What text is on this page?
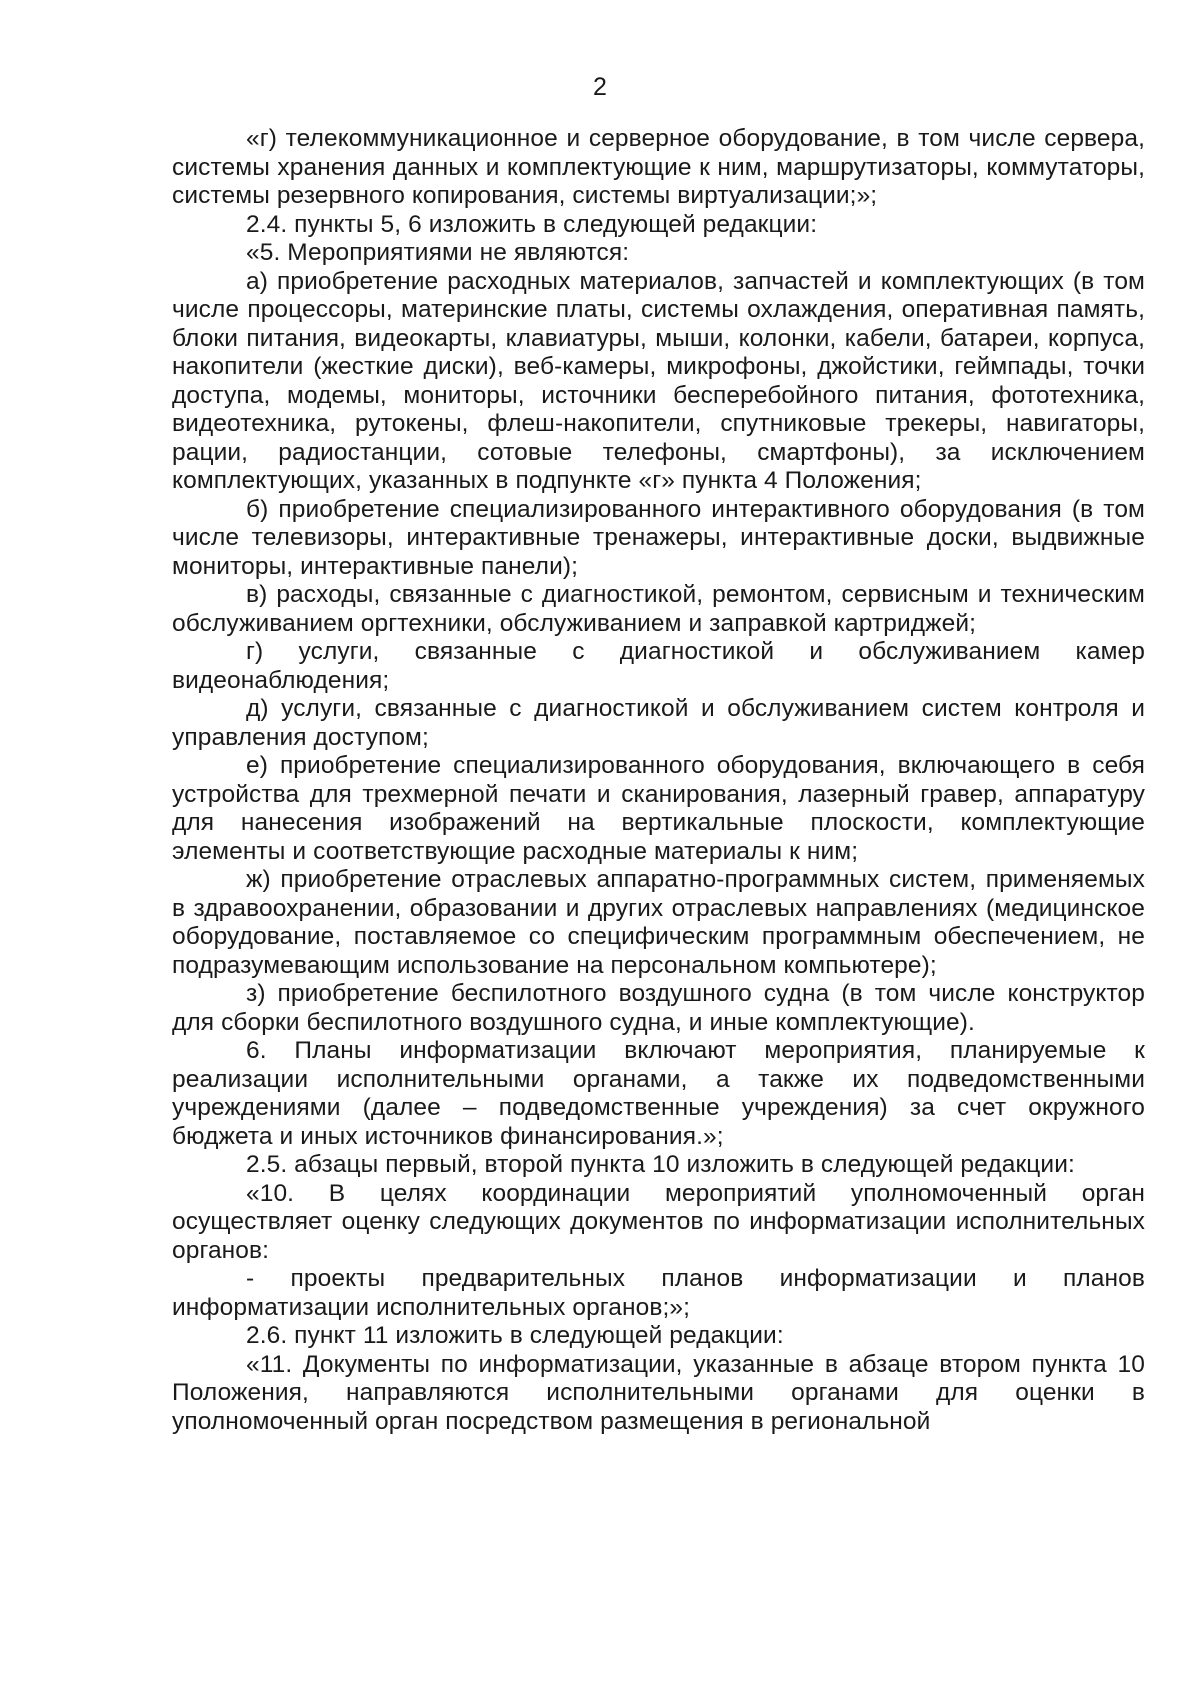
2

«г) телекоммуникационное и серверное оборудование, в том числе сервера, системы хранения данных и комплектующие к ним, маршрутизаторы, коммутаторы, системы резервного копирования, системы виртуализации;»;

2.4. пункты 5, 6 изложить в следующей редакции:

«5. Мероприятиями не являются:

а) приобретение расходных материалов, запчастей и комплектующих (в том числе процессоры, материнские платы, системы охлаждения, оперативная память, блоки питания, видеокарты, клавиатуры, мыши, колонки, кабели, батареи, корпуса, накопители (жесткие диски), веб-камеры, микрофоны, джойстики, геймпады, точки доступа, модемы, мониторы, источники бесперебойного питания, фототехника, видеотехника, рутокены, флеш-накопители, спутниковые трекеры, навигаторы, рации, радиостанции, сотовые телефоны, смартфоны), за исключением комплектующих, указанных в подпункте «г» пункта 4 Положения;

б) приобретение специализированного интерактивного оборудования (в том числе телевизоры, интерактивные тренажеры, интерактивные доски, выдвижные мониторы, интерактивные панели);

в) расходы, связанные с диагностикой, ремонтом, сервисным и техническим обслуживанием оргтехники, обслуживанием и заправкой картриджей;

г) услуги, связанные с диагностикой и обслуживанием камер видеонаблюдения;

д) услуги, связанные с диагностикой и обслуживанием систем контроля и управления доступом;

е) приобретение специализированного оборудования, включающего в себя устройства для трехмерной печати и сканирования, лазерный гравер, аппаратуру для нанесения изображений на вертикальные плоскости, комплектующие элементы и соответствующие расходные материалы к ним;

ж) приобретение отраслевых аппаратно-программных систем, применяемых в здравоохранении, образовании и других отраслевых направлениях (медицинское оборудование, поставляемое со специфическим программным обеспечением, не подразумевающим использование на персональном компьютере);

з) приобретение беспилотного воздушного судна (в том числе конструктор для сборки беспилотного воздушного судна, и иные комплектующие).

6. Планы информатизации включают мероприятия, планируемые к реализации исполнительными органами, а также их подведомственными учреждениями (далее – подведомственные учреждения) за счет окружного бюджета и иных источников финансирования.»;

2.5. абзацы первый, второй пункта 10 изложить в следующей редакции:

«10. В целях координации мероприятий уполномоченный орган осуществляет оценку следующих документов по информатизации исполнительных органов:

- проекты предварительных планов информатизации и планов информатизации исполнительных органов;»;

2.6. пункт 11 изложить в следующей редакции:

«11. Документы по информатизации, указанные в абзаце втором пункта 10 Положения, направляются исполнительными органами для оценки в уполномоченный орган посредством размещения в региональной
